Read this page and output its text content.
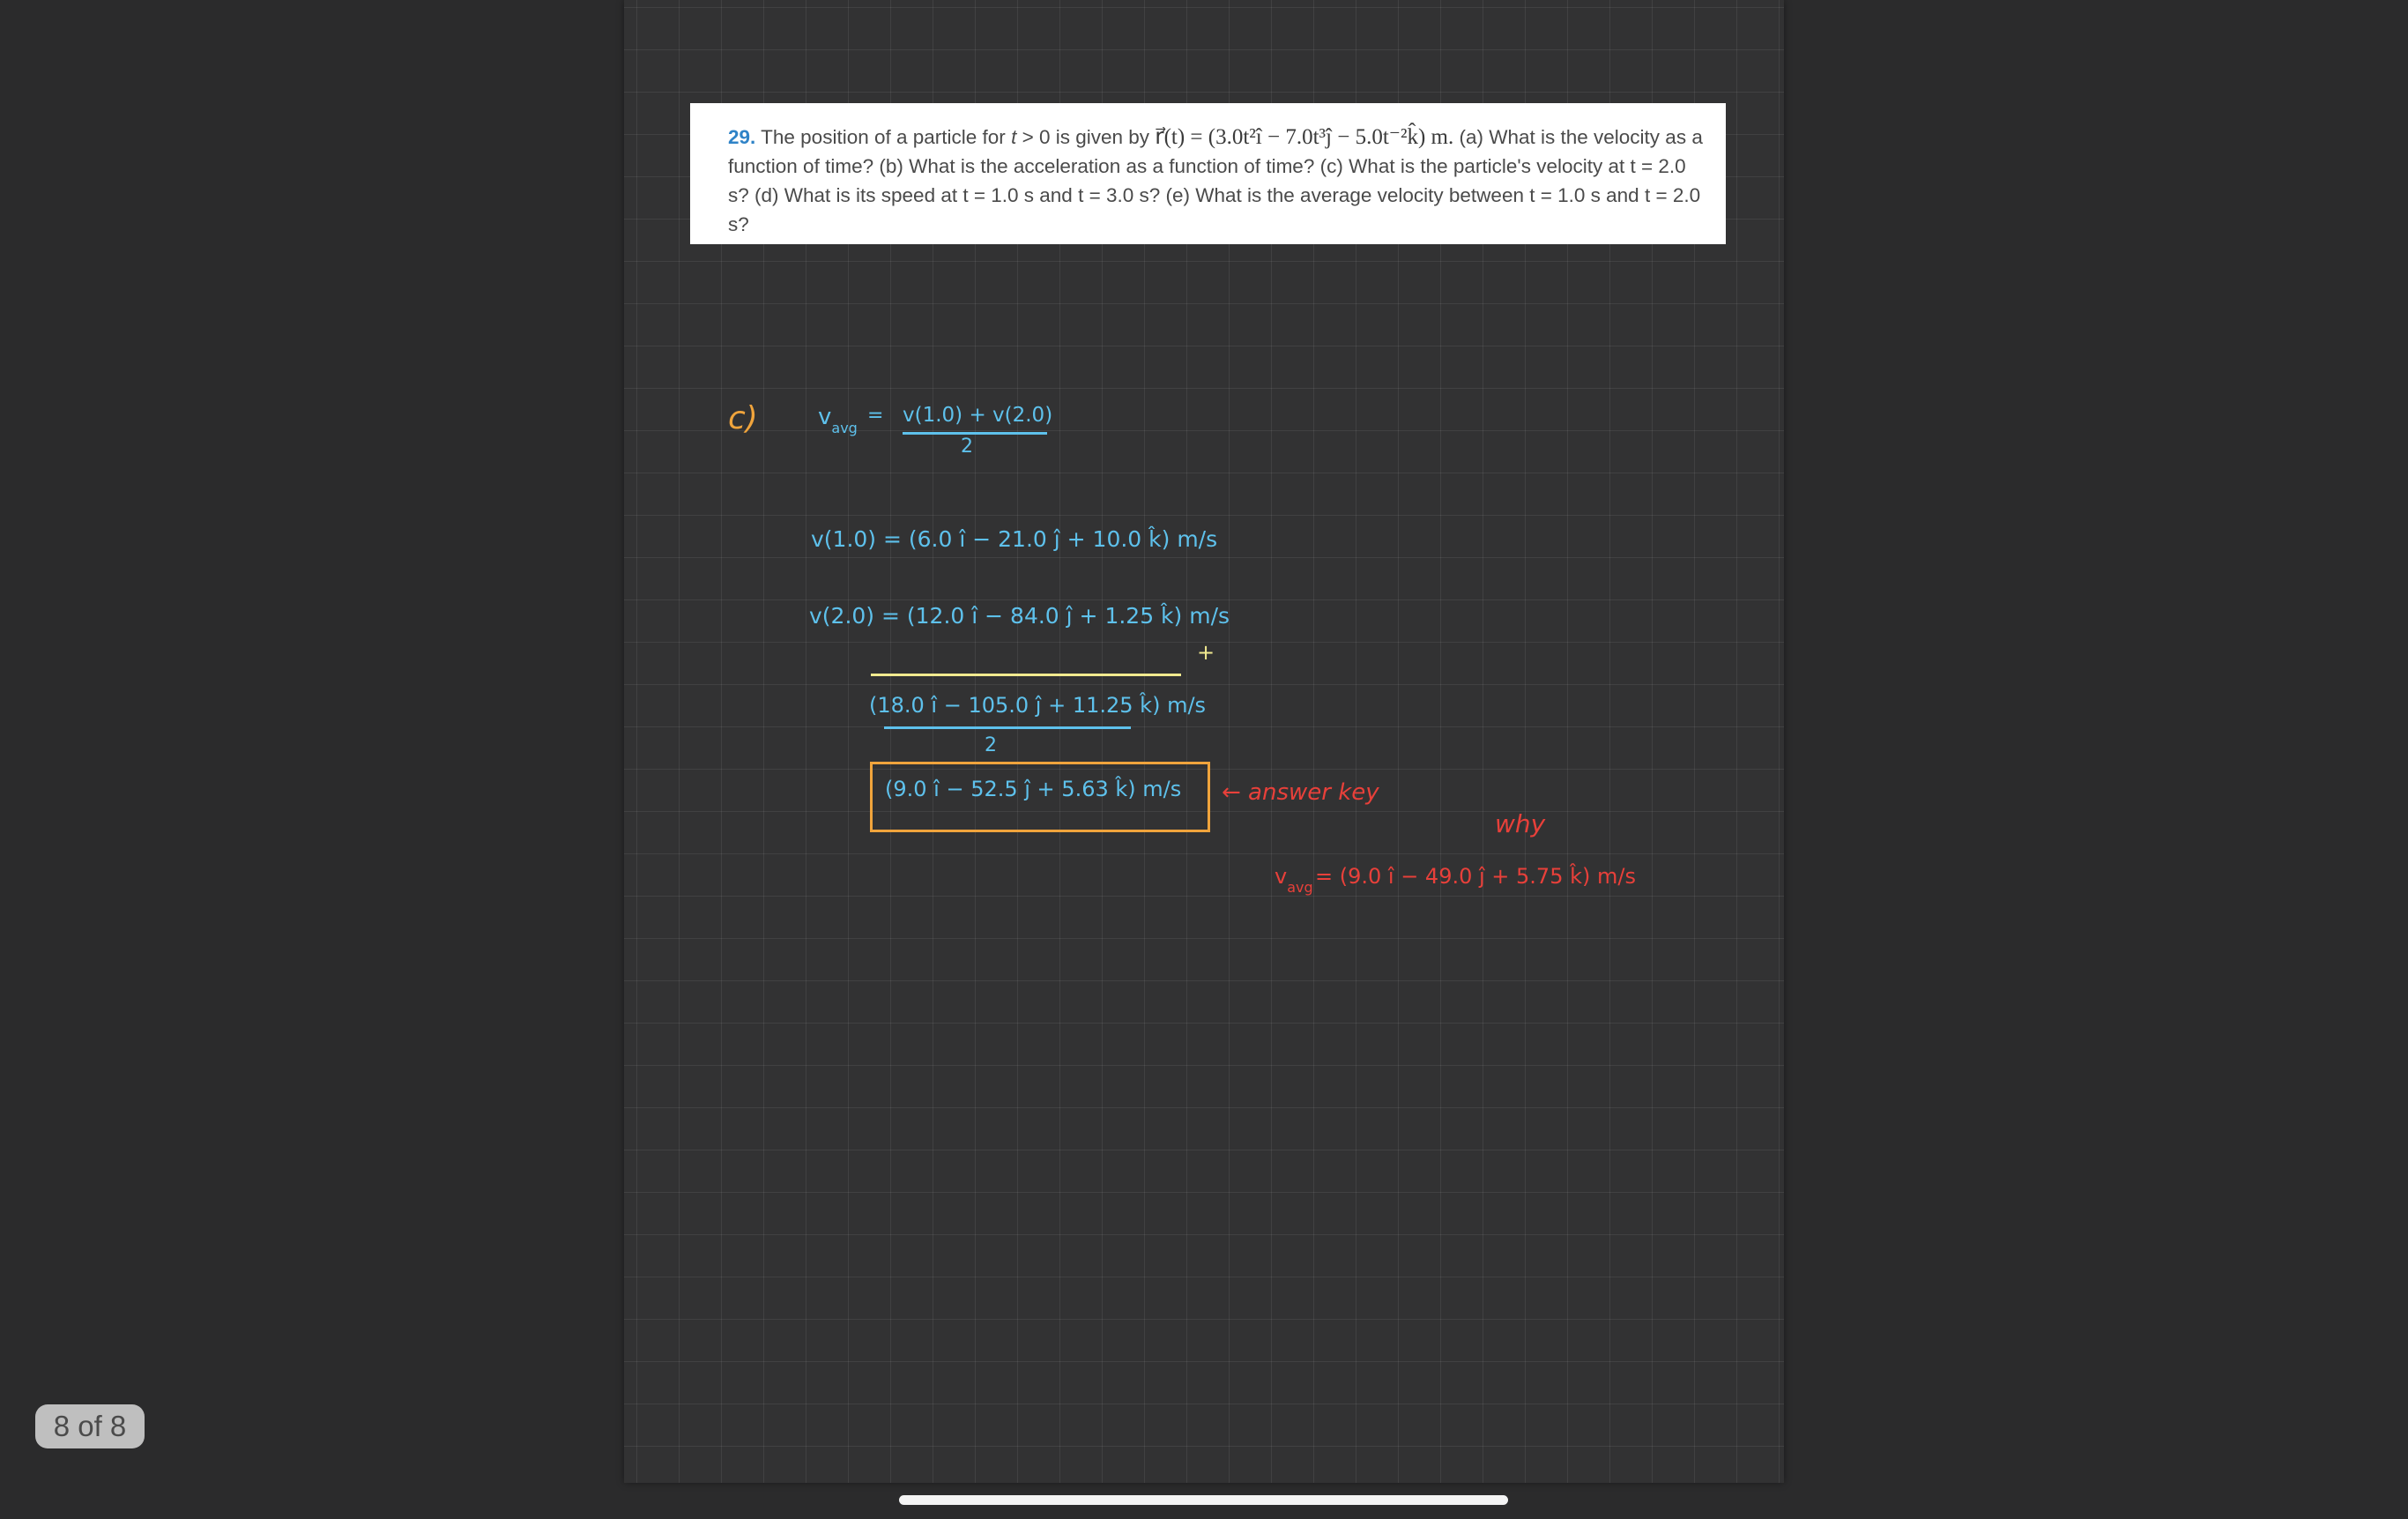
29. The position of a particle for t > 0 is given by r⃗(t) = (3.0t²î − 7.0t³ĵ − 5.0t⁻²k̂) m. (a) What is the velocity as a function of time? (b) What is the acceleration as a function of time? (c) What is the particle's velocity at t = 2.0 s? (d) What is its speed at t = 1.0 s and t = 3.0 s? (e) What is the average velocity between t = 1.0 s and t = 2.0 s?
c)	$v_{avg}$
= v(1.0) + v(2.0)
2
v(1.0) = (6.0 î − 21.0 ĵ + 10.0 k̂) m/s
v(2.0) = (12.0 î − 84.0 ĵ + 1.25 k̂) m/s
+
(18.0 î − 105.0 ĵ + 11.25 k̂) m/s
2
(9.0 î − 52.5 ĵ + 5.63 k̂) m/s ← answer key
why
$v_{avg} = (9.0$ î − 49.0 ĵ + 5.75 k̂) m/s
8 of 8
